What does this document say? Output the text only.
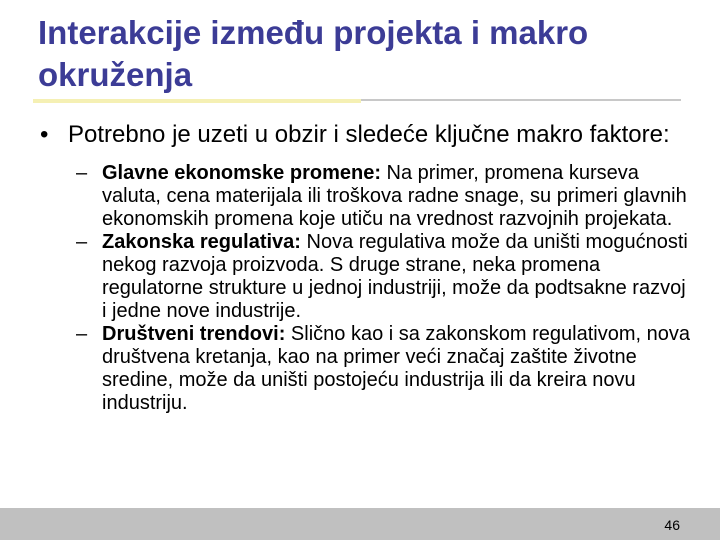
Interakcije između projekta i makro okruženja
• Potrebno je uzeti u obzir i sledeće ključne makro faktore:
– Glavne ekonomske promene: Na primer, promena kurseva valuta, cena materijala ili troškova radne snage, su primeri glavnih ekonomskih promena koje utiču na vrednost razvojnih projekata.
– Zakonska regulativa: Nova regulativa može da uništi mogućnosti nekog razvoja proizvoda. S druge strane, neka promena regulatorne strukture u jednoj industriji, može da podtsakne razvoj i jedne nove industrije.
– Društveni trendovi: Slično kao i sa zakonskom regulativom, nova društvena kretanja, kao na primer veći značaj zaštite životne sredine, može da uništi postojeću industrija ili da kreira novu industriju.
46
